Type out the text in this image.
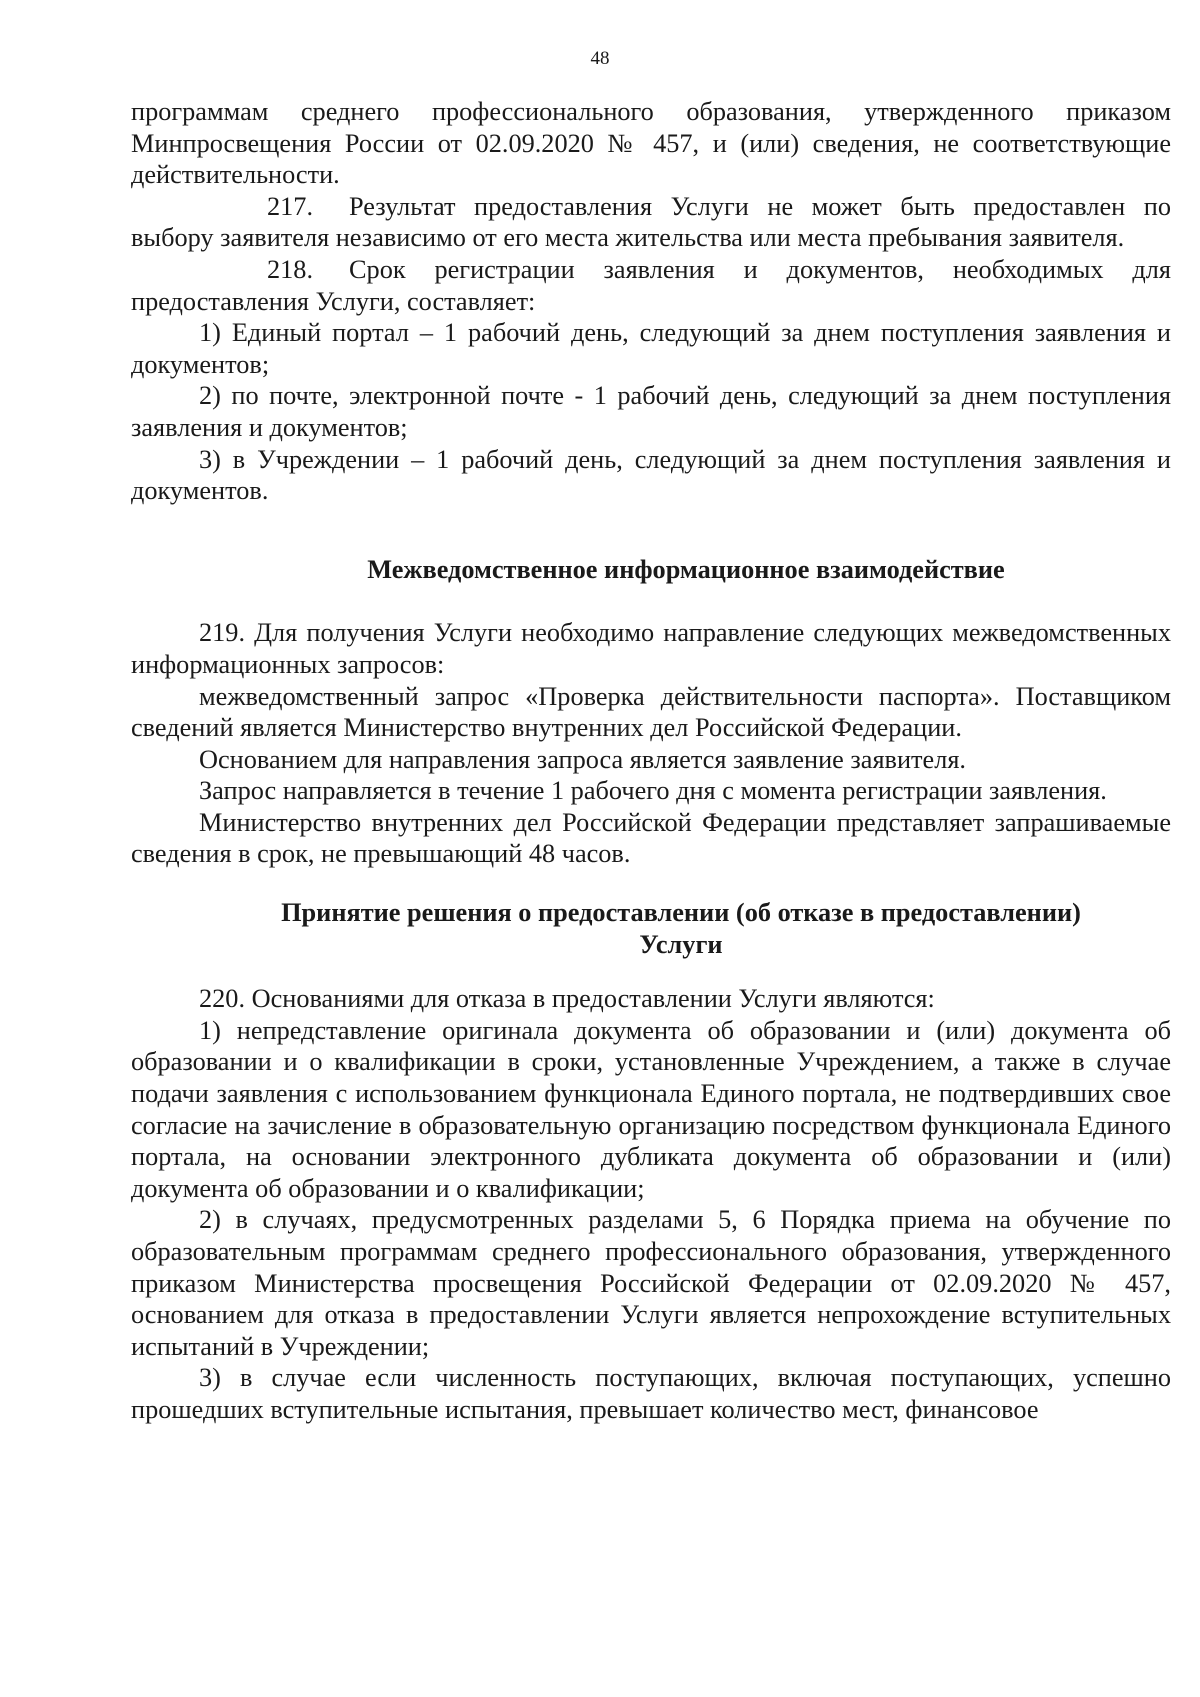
48

программам среднего профессионального образования, утвержденного приказом Минпросвещения России от 02.09.2020 № 457, и (или) сведения, не соответствующие действительности.

217. Результат предоставления Услуги не может быть предоставлен по выбору заявителя независимо от его места жительства или места пребывания заявителя.

218. Срок регистрации заявления и документов, необходимых для предоставления Услуги, составляет:

1) Единый портал – 1 рабочий день, следующий за днем поступления заявления и документов;

2) по почте, электронной почте - 1 рабочий день, следующий за днем поступления заявления и документов;

3) в Учреждении – 1 рабочий день, следующий за днем поступления заявления и документов.

Межведомственное информационное взаимодействие

219. Для получения Услуги необходимо направление следующих межведомственных информационных запросов:

межведомственный запрос «Проверка действительности паспорта». Поставщиком сведений является Министерство внутренних дел Российской Федерации.

Основанием для направления запроса является заявление заявителя.

Запрос направляется в течение 1 рабочего дня с момента регистрации заявления.

Министерство внутренних дел Российской Федерации представляет запрашиваемые сведения в срок, не превышающий 48 часов.

Принятие решения о предоставлении (об отказе в предоставлении)
Услуги

220. Основаниями для отказа в предоставлении Услуги являются:

1) непредставление оригинала документа об образовании и (или) документа об образовании и о квалификации в сроки, установленные Учреждением, а также в случае подачи заявления с использованием функционала Единого портала, не подтвердивших свое согласие на зачисление в образовательную организацию посредством функционала Единого портала, на основании электронного дубликата документа об образовании и (или) документа об образовании и о квалификации;

2) в случаях, предусмотренных разделами 5, 6 Порядка приема на обучение по образовательным программам среднего профессионального образования, утвержденного приказом Министерства просвещения Российской Федерации от 02.09.2020 № 457, основанием для отказа в предоставлении Услуги является непрохождение вступительных испытаний в Учреждении;

3) в случае если численность поступающих, включая поступающих, успешно прошедших вступительные испытания, превышает количество мест, финансовое
